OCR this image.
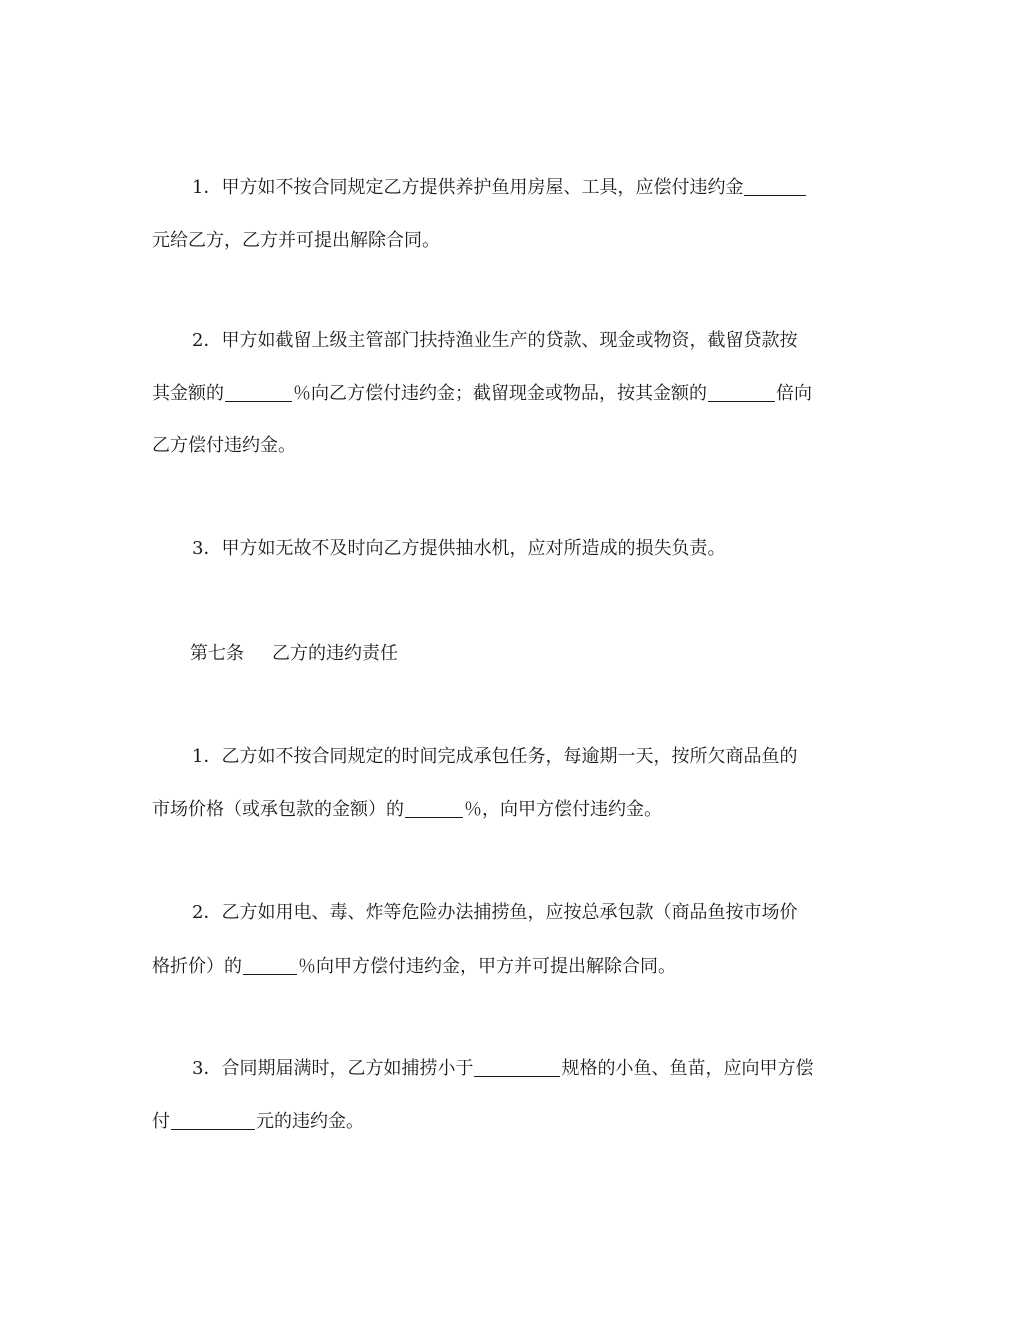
1．甲方如不按合同规定乙方提供养护鱼用房屋、工具，应偿付违约金
元给乙方，乙方并可提出解除合同。
2．甲方如截留上级主管部门扶持渔业生产的贷款、现金或物资，截留贷款按
其金额的	％向乙方偿付违约金；截留现金或物品，按其金额的	倍向
乙方偿付违约金。
3．甲方如无故不及时向乙方提供抽水机，应对所造成的损失负责。
第七条 乙方的违约责任
1．乙方如不按合同规定的时间完成承包任务，每逾期一天，按所欠商品鱼的
市场价格（或承包款的金额）的	％，向甲方偿付违约金。
2．乙方如用电、毒、炸等危险办法捕捞鱼，应按总承包款（商品鱼按市场价
格折价）的	％向甲方偿付违约金，甲方并可提出解除合同。
3．合同期届满时，乙方如捕捞小于	规格的小鱼、鱼苗，应向甲方偿
付	元的违约金。
